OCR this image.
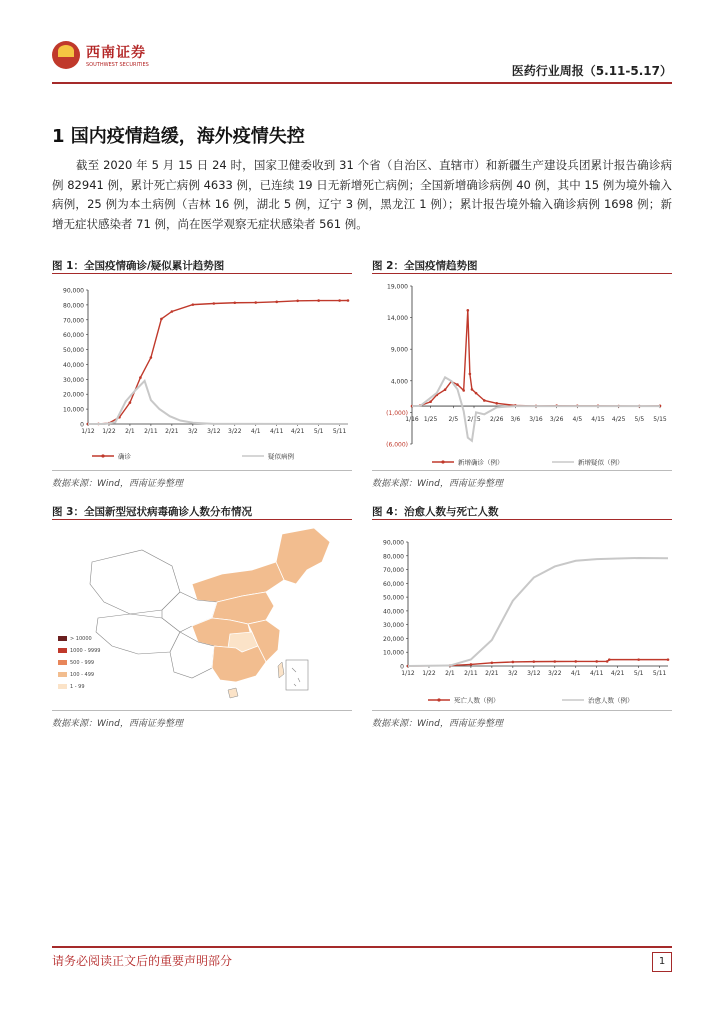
西南证券
SOUTHWEST SECURITIES	医药行业周报（5.11-5.17）
1 国内疫情趋缓，海外疫情失控
截至 2020 年 5 月 15 日 24 时，国家卫健委收到 31 个省（自治区、直辖市）和新疆生产建设兵团累计报告确诊病例 82941 例，累计死亡病例 4633 例，已连续 19 日无新增死亡病例；全国新增确诊病例 40 例，其中 15 例为境外输入病例，25 例为本土病例（吉林 16 例，湖北 5 例，辽宁 3 例，黑龙江 1 例）；累计报告境外输入确诊病例 1698 例；新增无症状感染者 71 例，尚在医学观察无症状感染者 561 例。
图 1：全国疫情确诊/疑似累计趋势图
0
10,000
20,000
30,000
40,000
50,000
60,000
70,000
80,000
90,000
1/12 1/22 2/1 2/11 2/21 3/2 3/12 3/22 4/1 4/11 4/21 5/1 5/11
确诊	疑似病例
数据来源：Wind，西南证券整理
图 2：全国疫情趋势图
(6,000)
(1,000)
4,000
9,000
14,000
19,000
1/16 1/25 2/5 2/15 2/26 3/6 3/16 3/26 4/5 4/15 4/25 5/5 5/15
新增确诊（例）	新增疑似（例）
数据来源：Wind，西南证券整理
图 3：全国新型冠状病毒确诊人数分布情况
> 10000
1000 - 9999
500 - 999
100 - 499
1 - 99
数据来源：Wind，西南证券整理
图 4：治愈人数与死亡人数
0
10,000
20,000
30,000
40,000
50,000
60,000
70,000
80,000
90,000
1/12 1/22 2/1 2/11 2/21 3/2 3/12 3/22 4/1 4/11 4/21 5/1 5/11
死亡人数（例）	治愈人数（例）
数据来源：Wind，西南证券整理
请务必阅读正文后的重要声明部分	1
